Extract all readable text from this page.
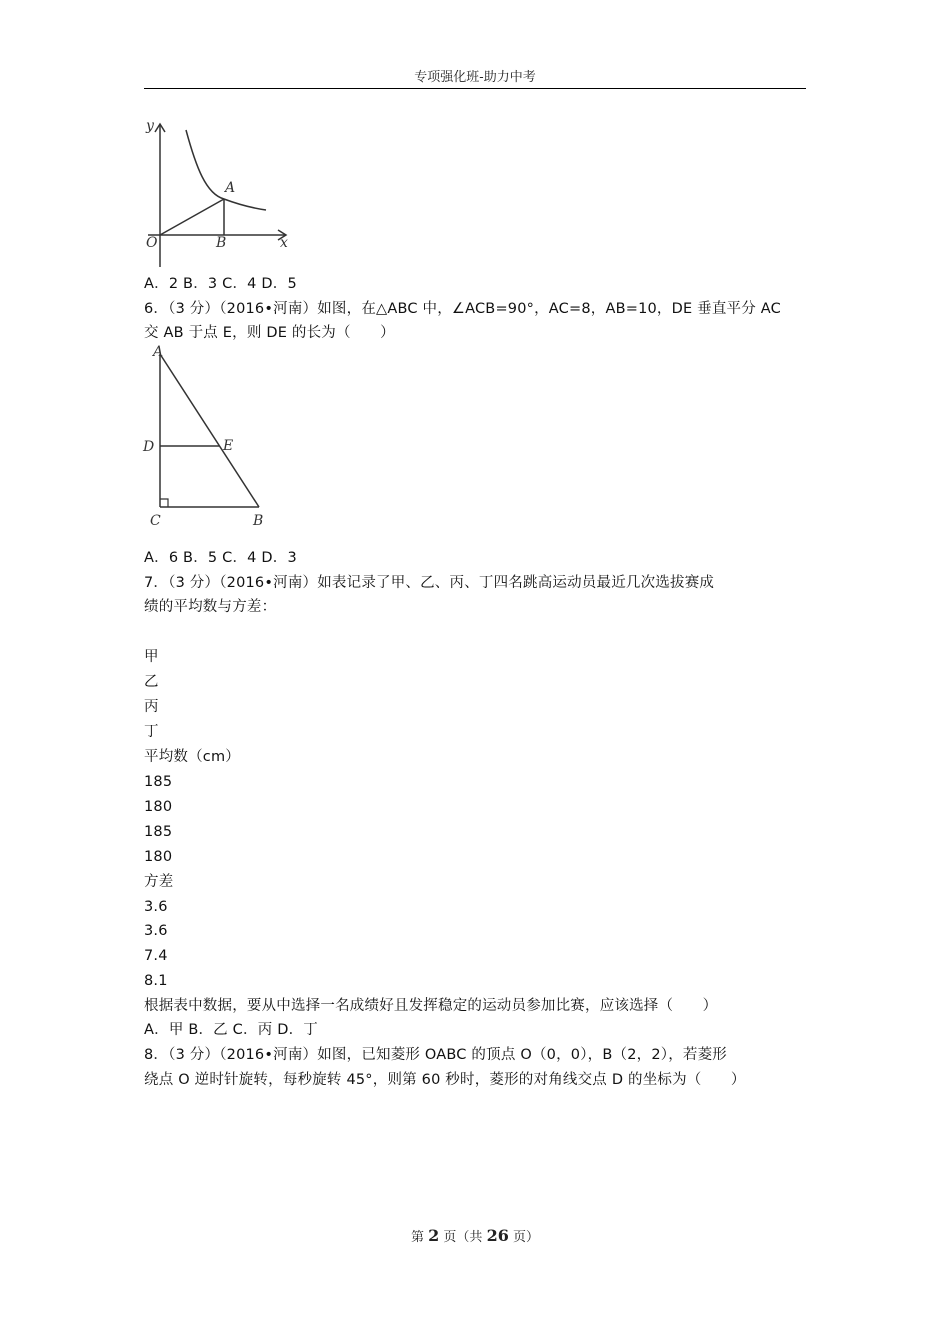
专项强化班-助力中考
y
x
O
A
B
A．2 B．3 C．4 D．5
6．（3 分）（2016•河南）如图，在△ABC 中，∠ACB=90°，AC=8，AB=10，DE 垂直平分 AC
交 AB 于点 E，则 DE 的长为（　　）
A
D	E
C	B
A．6 B．5 C．4 D．3
7．（3 分）（2016•河南）如表记录了甲、乙、丙、丁四名跳高运动员最近几次选拔赛成
绩的平均数与方差：
甲
乙
丙
丁
平均数（cm）
185
180
185
180
方差
3.6
3.6
7.4
8.1
根据表中数据，要从中选择一名成绩好且发挥稳定的运动员参加比赛，应该选择（　　）
A．甲 B．乙 C．丙 D．丁
8．（3 分）（2016•河南）如图，已知菱形 OABC 的顶点 O（0，0），B（2，2），若菱形
绕点 O 逆时针旋转，每秒旋转 45°，则第 60 秒时，菱形的对角线交点 D 的坐标为（　　）
第 2 页（共 26 页）
